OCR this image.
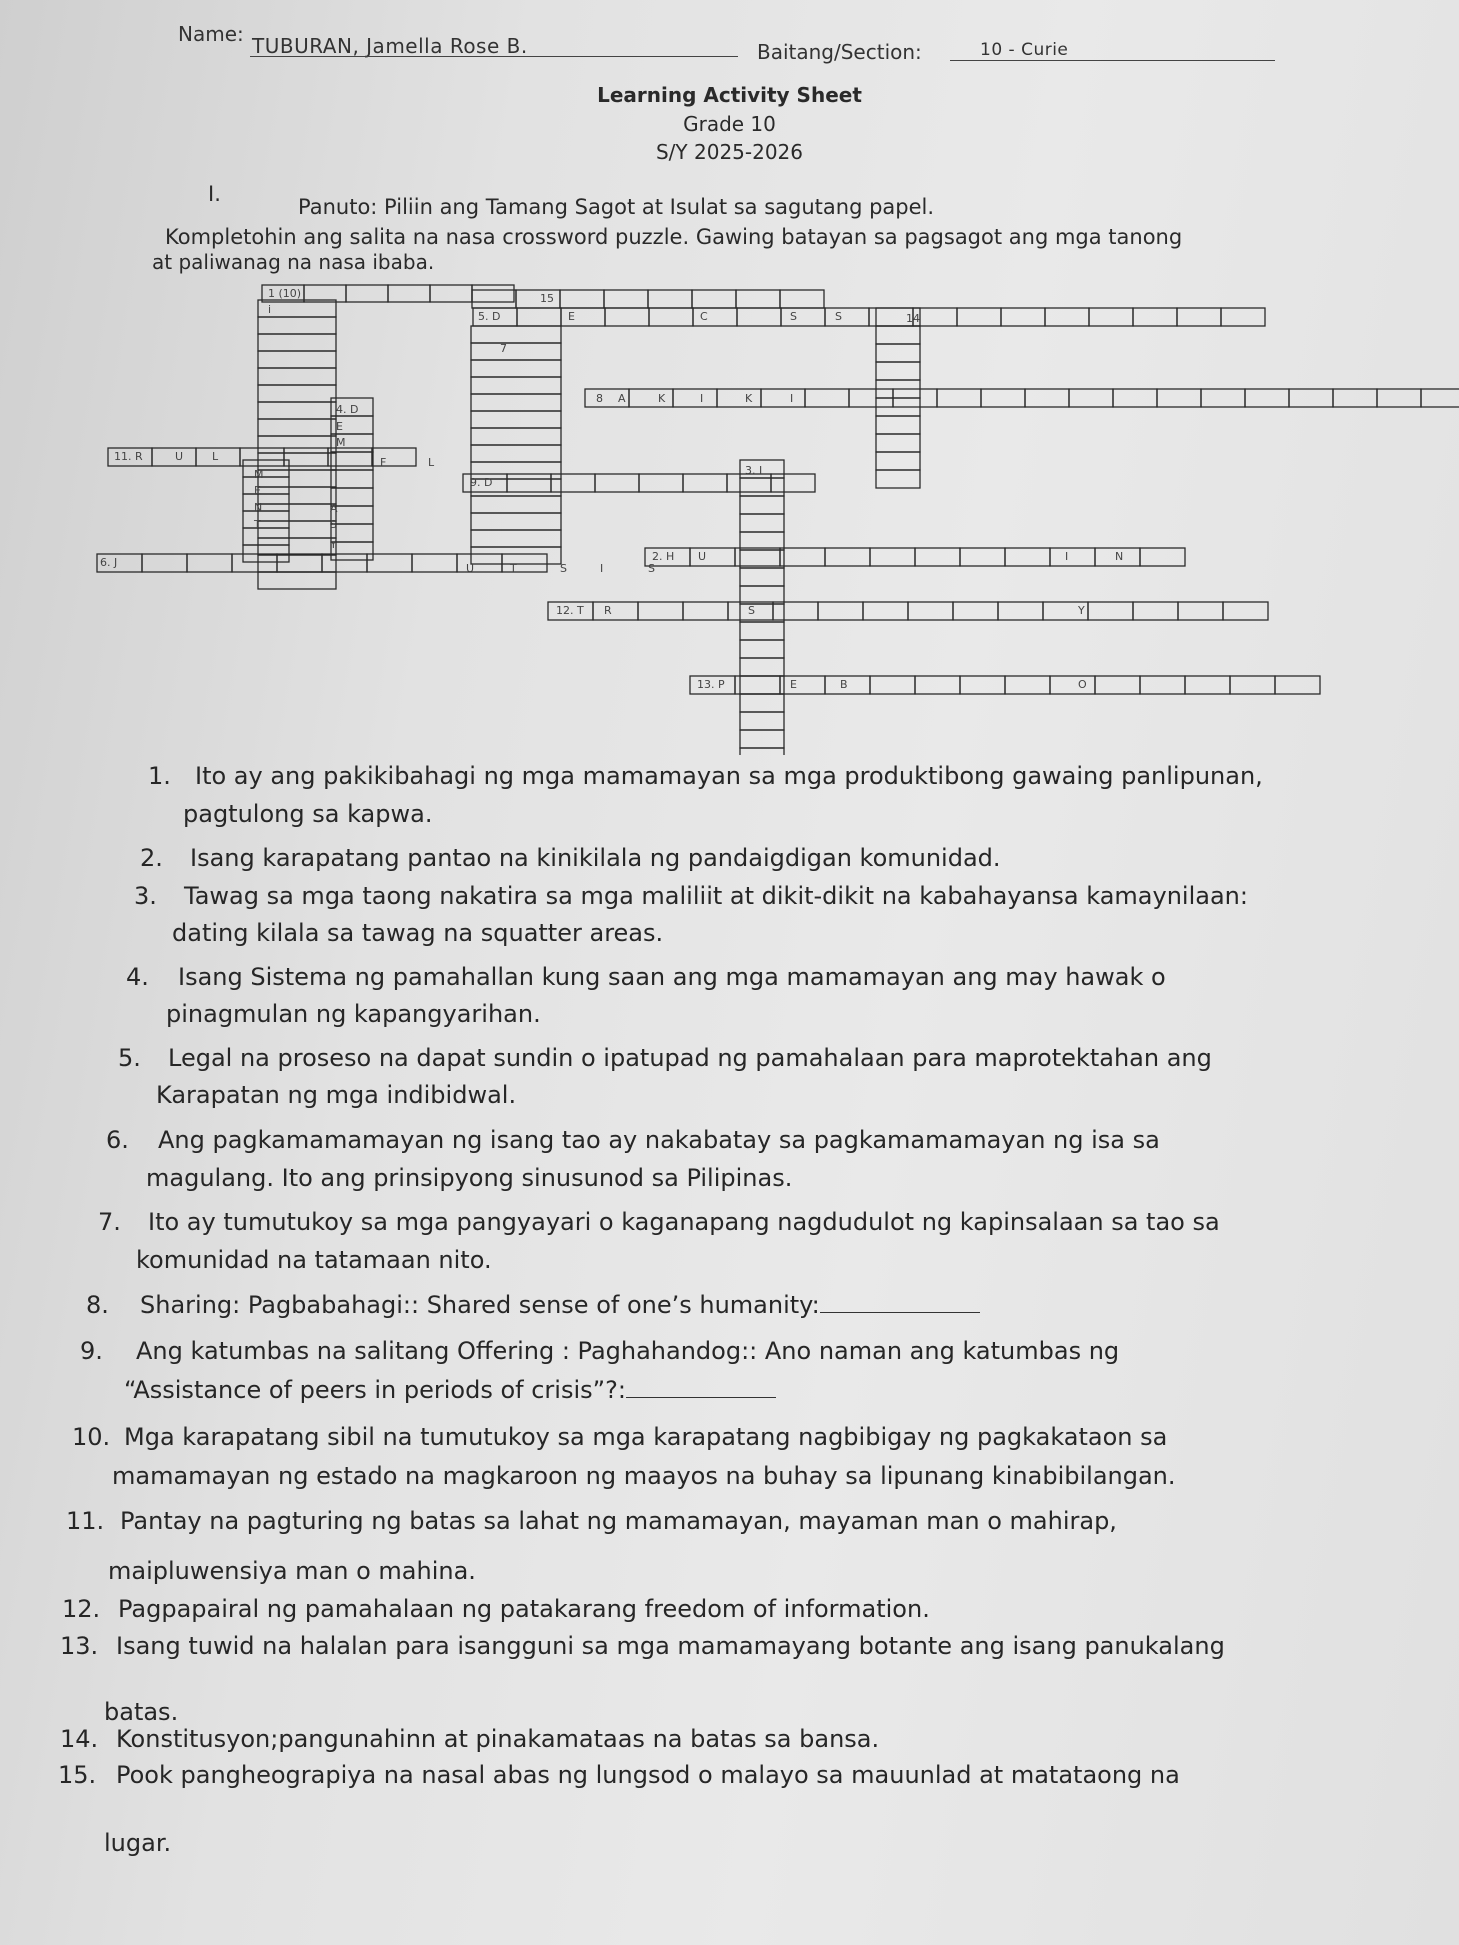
Name: TUBURAN, Jamella Rose B.	Baitang/Section:	10 - Curie
Learning Activity Sheet
Grade 10
S/Y 2025-2026
I.
Panuto: Piliin ang Tamang Sagot at Isulat sa sagutang papel.
Kompletohin ang salita na nasa crossword puzzle. Gawing batayan sa pagsagot ang mga tanong
at paliwanag na nasa ibaba.
1 (10)	15
5. D	14
7
8
4. D
11. R
3. I
9. D
6. J	2. H
12. T
13. P
i
E	C	S	S
A	K	I	K	I
E
M
U	L	F	L
M
E
N	A
T	S
Y
U	T	S
U	I	N
I	S
R	S	Y
E	B	O
1. Ito ay ang pakikibahagi ng mga mamamayan sa mga produktibong gawaing panlipunan,
pagtulong sa kapwa.
2. Isang karapatang pantao na kinikilala ng pandaigdigan komunidad.
3. Tawag sa mga taong nakatira sa mga maliliit at dikit-dikit na kabahayansa kamaynilaan:
dating kilala sa tawag na squatter areas.
4. Isang Sistema ng pamahallan kung saan ang mga mamamayan ang may hawak o
pinagmulan ng kapangyarihan.
5. Legal na proseso na dapat sundin o ipatupad ng pamahalaan para maprotektahan ang
Karapatan ng mga indibidwal.
6. Ang pagkamamamayan ng isang tao ay nakabatay sa pagkamamamayan ng isa sa
magulang. Ito ang prinsipyong sinusunod sa Pilipinas.
7. Ito ay tumutukoy sa mga pangyayari o kaganapang nagdudulot ng kapinsalaan sa tao sa
komunidad na tatamaan nito.
8. Sharing: Pagbabahagi:: Shared sense of one’s humanity:
9. Ang katumbas na salitang Offering : Paghahandog:: Ano naman ang katumbas ng
“Assistance of peers in periods of crisis”?:
10. Mga karapatang sibil na tumutukoy sa mga karapatang nagbibigay ng pagkakataon sa
mamamayan ng estado na magkaroon ng maayos na buhay sa lipunang kinabibilangan.
11. Pantay na pagturing ng batas sa lahat ng mamamayan, mayaman man o mahirap,
maipluwensiya man o mahina.
12. Pagpapairal ng pamahalaan ng patakarang freedom of information.
13. Isang tuwid na halalan para isangguni sa mga mamamayang botante ang isang panukalang
batas.
14. Konstitusyon;pangunahinn at pinakamataas na batas sa bansa.
15. Pook pangheograpiya na nasal abas ng lungsod o malayo sa mauunlad at matataong na
lugar.
